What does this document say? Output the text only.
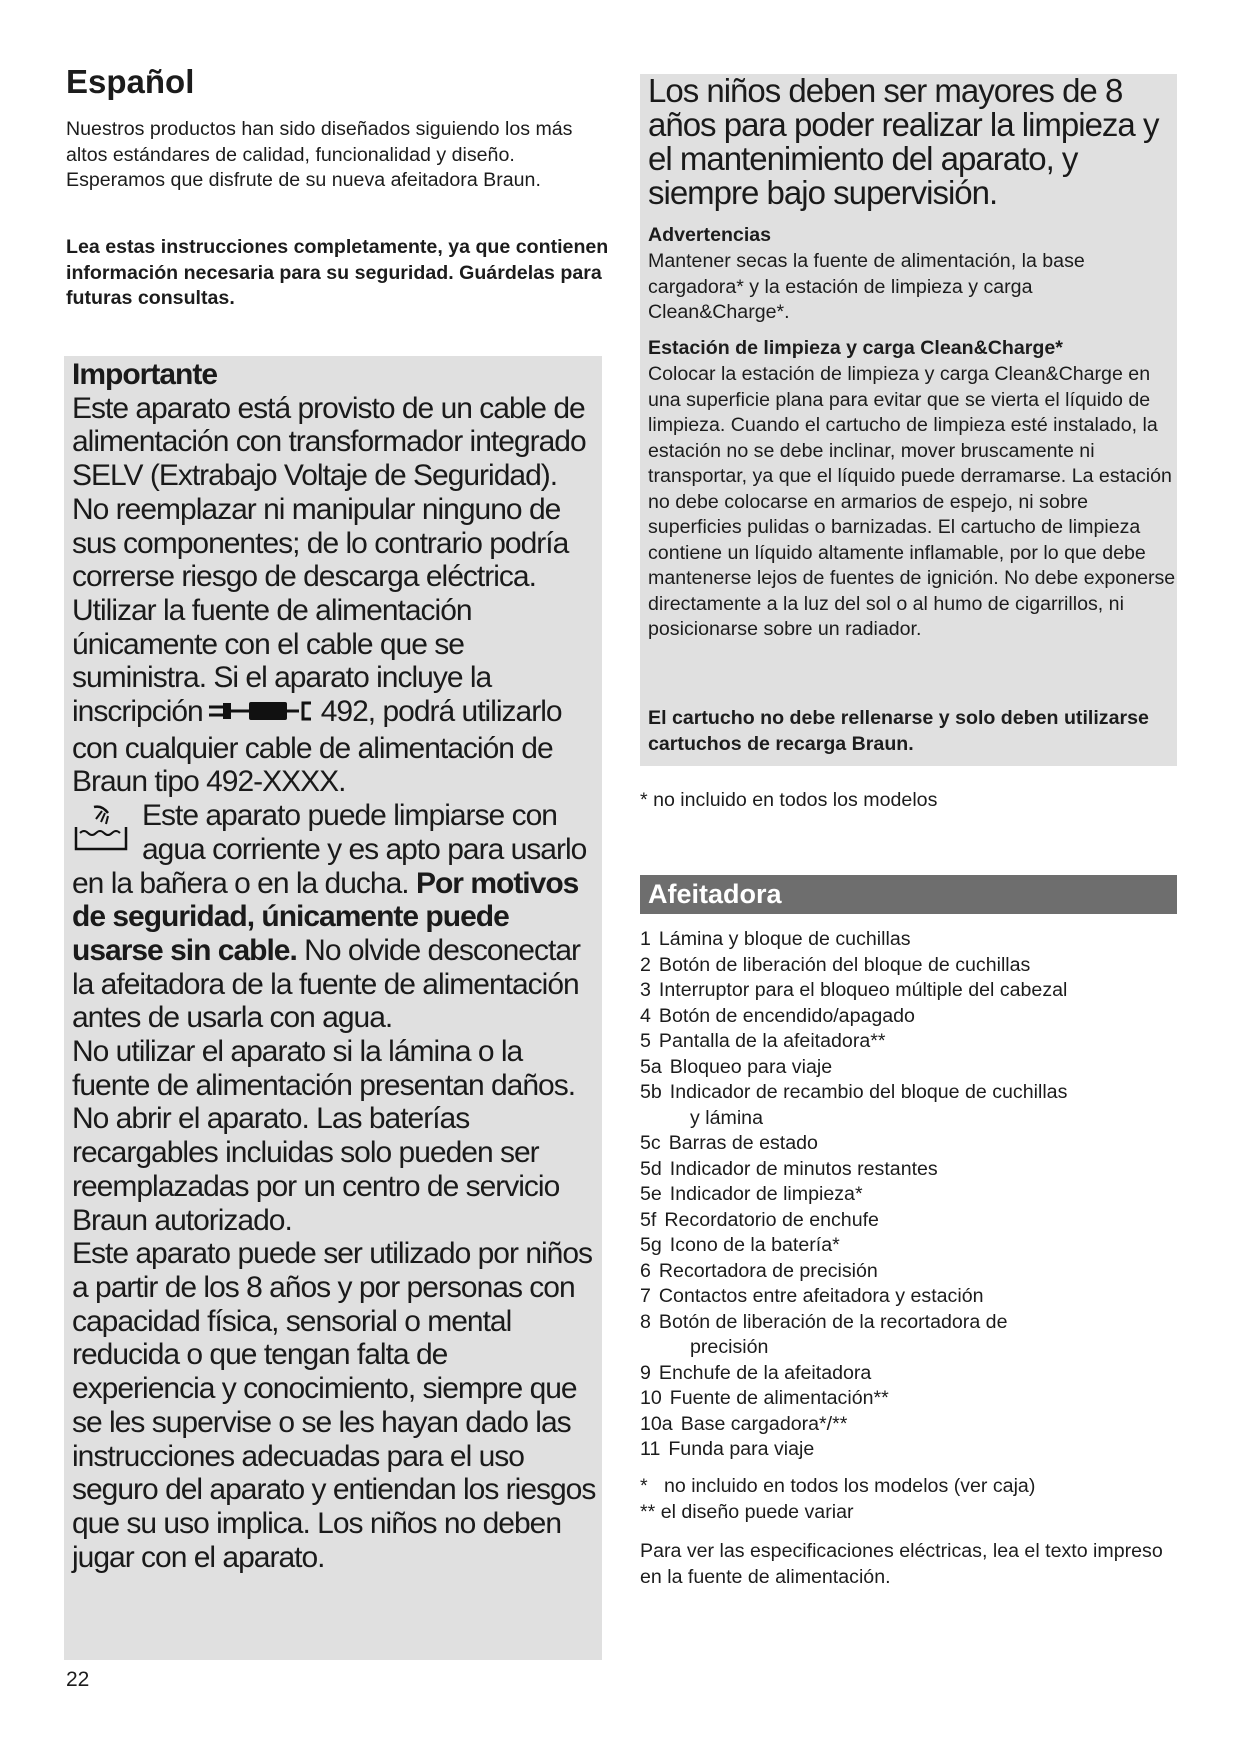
Español

Nuestros productos han sido diseñados siguiendo los más altos estándares de calidad, funcionalidad y diseño. Esperamos que disfrute de su nueva afeitadora Braun.

Lea estas instrucciones completamente, ya que contienen información necesaria para su seguridad. Guárdelas para futuras consultas.

Importante

Este aparato está provisto de un cable de alimentación con transformador integrado SELV (Extrabajo Voltaje de Seguridad). No reemplazar ni manipular ninguno de sus componentes; de lo contrario podría correrse riesgo de descarga eléctrica. Utilizar la fuente de alimentación únicamente con el cable que se suministra. Si el aparato incluye la inscripción	492, podrá utilizarlo con cualquier cable de alimentación de Braun tipo 492-XXXX.

Este aparato puede limpiarse con agua corriente y es apto para usarlo en la bañera o en la ducha. Por motivos de seguridad, únicamente puede usarse sin cable. No olvide desconectar la afeitadora de la fuente de alimentación antes de usarla con agua.

No utilizar el aparato si la lámina o la fuente de alimentación presentan daños.

No abrir el aparato. Las baterías recargables incluidas solo pueden ser reemplazadas por un centro de servicio Braun autorizado.

Este aparato puede ser utilizado por niños a partir de los 8 años y por personas con capacidad física, sensorial o mental reducida o que tengan falta de experiencia y conocimiento, siempre que se les supervise o se les hayan dado las instrucciones adecuadas para el uso seguro del aparato y entiendan los riesgos que su uso implica. Los niños no deben jugar con el aparato.

Los niños deben ser mayores de 8 años para poder realizar la limpieza y el mantenimiento del aparato, y siempre bajo supervisión.

Advertencias

Mantener secas la fuente de alimentación, la base cargadora* y la estación de limpieza y carga Clean&Charge*.

Estación de limpieza y carga Clean&Charge*

Colocar la estación de limpieza y carga Clean&Charge en una superficie plana para evitar que se vierta el líquido de limpieza. Cuando el cartucho de limpieza esté instalado, la estación no se debe inclinar, mover bruscamente ni transportar, ya que el líquido puede derramarse. La estación no debe colocarse en armarios de espejo, ni sobre superficies pulidas o barnizadas. El cartucho de limpieza contiene un líquido altamente inflamable, por lo que debe mantenerse lejos de fuentes de ignición. No debe exponerse directamente a la luz del sol o al humo de cigarrillos, ni posicionarse sobre un radiador.

El cartucho no debe rellenarse y solo deben utilizarse cartuchos de recarga Braun.

* no incluido en todos los modelos

Afeitadora
1 Lámina y bloque de cuchillas
2 Botón de liberación del bloque de cuchillas
3 Interruptor para el bloqueo múltiple del cabezal
4 Botón de encendido/apagado
5 Pantalla de la afeitadora**
5a Bloqueo para viaje
5b Indicador de recambio del bloque de cuchillas
y lámina
5c Barras de estado
5d Indicador de minutos restantes
5e Indicador de limpieza*
5f Recordatorio de enchufe
5g Icono de la batería*
6 Recortadora de precisión
7 Contactos entre afeitadora y estación
8 Botón de liberación de la recortadora de
precisión
9 Enchufe de la afeitadora
10 Fuente de alimentación**
10a Base cargadora*/**
11 Funda para viaje

*   no incluido en todos los modelos (ver caja)
** el diseño puede variar

Para ver las especificaciones eléctricas, lea el texto impreso en la fuente de alimentación.

22
